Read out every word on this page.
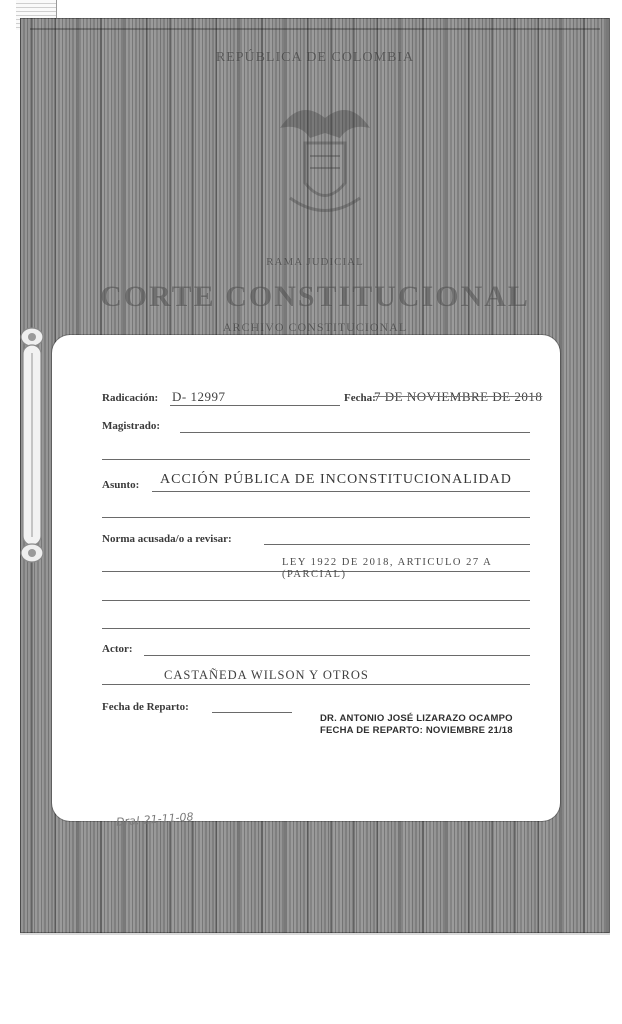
REPÚBLICA DE COLOMBIA
RAMA JUDICIAL
CORTE CONSTITUCIONAL
ARCHIVO CONSTITUCIONAL
Radicación: D- 12997	Fecha:
7 DE NOVIEMBRE DE 2018
Magistrado:
Asunto: ACCIÓN PÚBLICA DE INCONSTITUCIONALIDAD
Norma acusada/o a revisar:
LEY 1922 DE 2018, ARTICULO 27 A
(PARCIAL)
Actor:
CASTAÑEDA WILSON Y OTROS
Fecha de Reparto:
DR. ANTONIO JOSÉ LIZARAZO OCAMPO
FECHA DE REPARTO: NOVIEMBRE 21/18
Dra! 21-11-08
